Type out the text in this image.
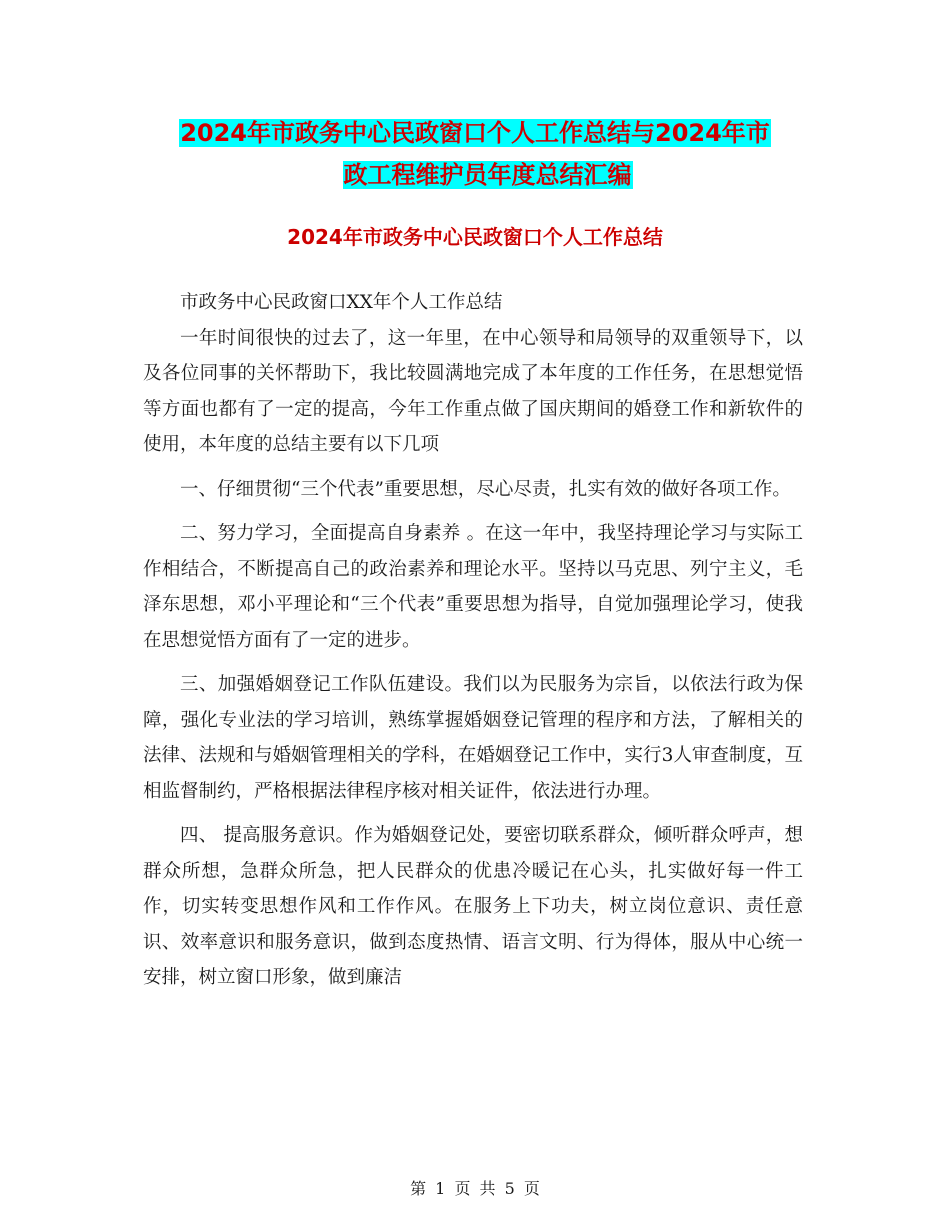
2024年市政务中心民政窗口个人工作总结与2024年市
政工程维护员年度总结汇编
2024年市政务中心民政窗口个人工作总结

市政务中心民政窗口XX年个人工作总结

一年时间很快的过去了，这一年里，在中心领导和局领导的双重领导下，以及各位同事的关怀帮助下，我比较圆满地完成了本年度的工作任务，在思想觉悟等方面也都有了一定的提高，今年工作重点做了国庆期间的婚登工作和新软件的使用，本年度的总结主要有以下几项

一、仔细贯彻“三个代表”重要思想，尽心尽责，扎实有效的做好各项工作。

二、努力学习，全面提高自身素养 。在这一年中，我坚持理论学习与实际工作相结合，不断提高自己的政治素养和理论水平。坚持以马克思、列宁主义，毛泽东思想，邓小平理论和“三个代表”重要思想为指导，自觉加强理论学习，使我在思想觉悟方面有了一定的进步。

三、加强婚姻登记工作队伍建设。我们以为民服务为宗旨，以依法行政为保障，强化专业法的学习培训，熟练掌握婚姻登记管理的程序和方法，了解相关的法律、法规和与婚姻管理相关的学科，在婚姻登记工作中，实行3人审查制度，互相监督制约，严格根据法律程序核对相关证件，依法进行办理。

四、 提高服务意识。作为婚姻登记处，要密切联系群众，倾听群众呼声，想群众所想，急群众所急，把人民群众的优患冷暖记在心头，扎实做好每一件工作，切实转变思想作风和工作作风。在服务上下功夫，树立岗位意识、责任意识、效率意识和服务意识，做到态度热情、语言文明、行为得体，服从中心统一安排，树立窗口形象，做到廉洁

第 1 页 共 5 页
